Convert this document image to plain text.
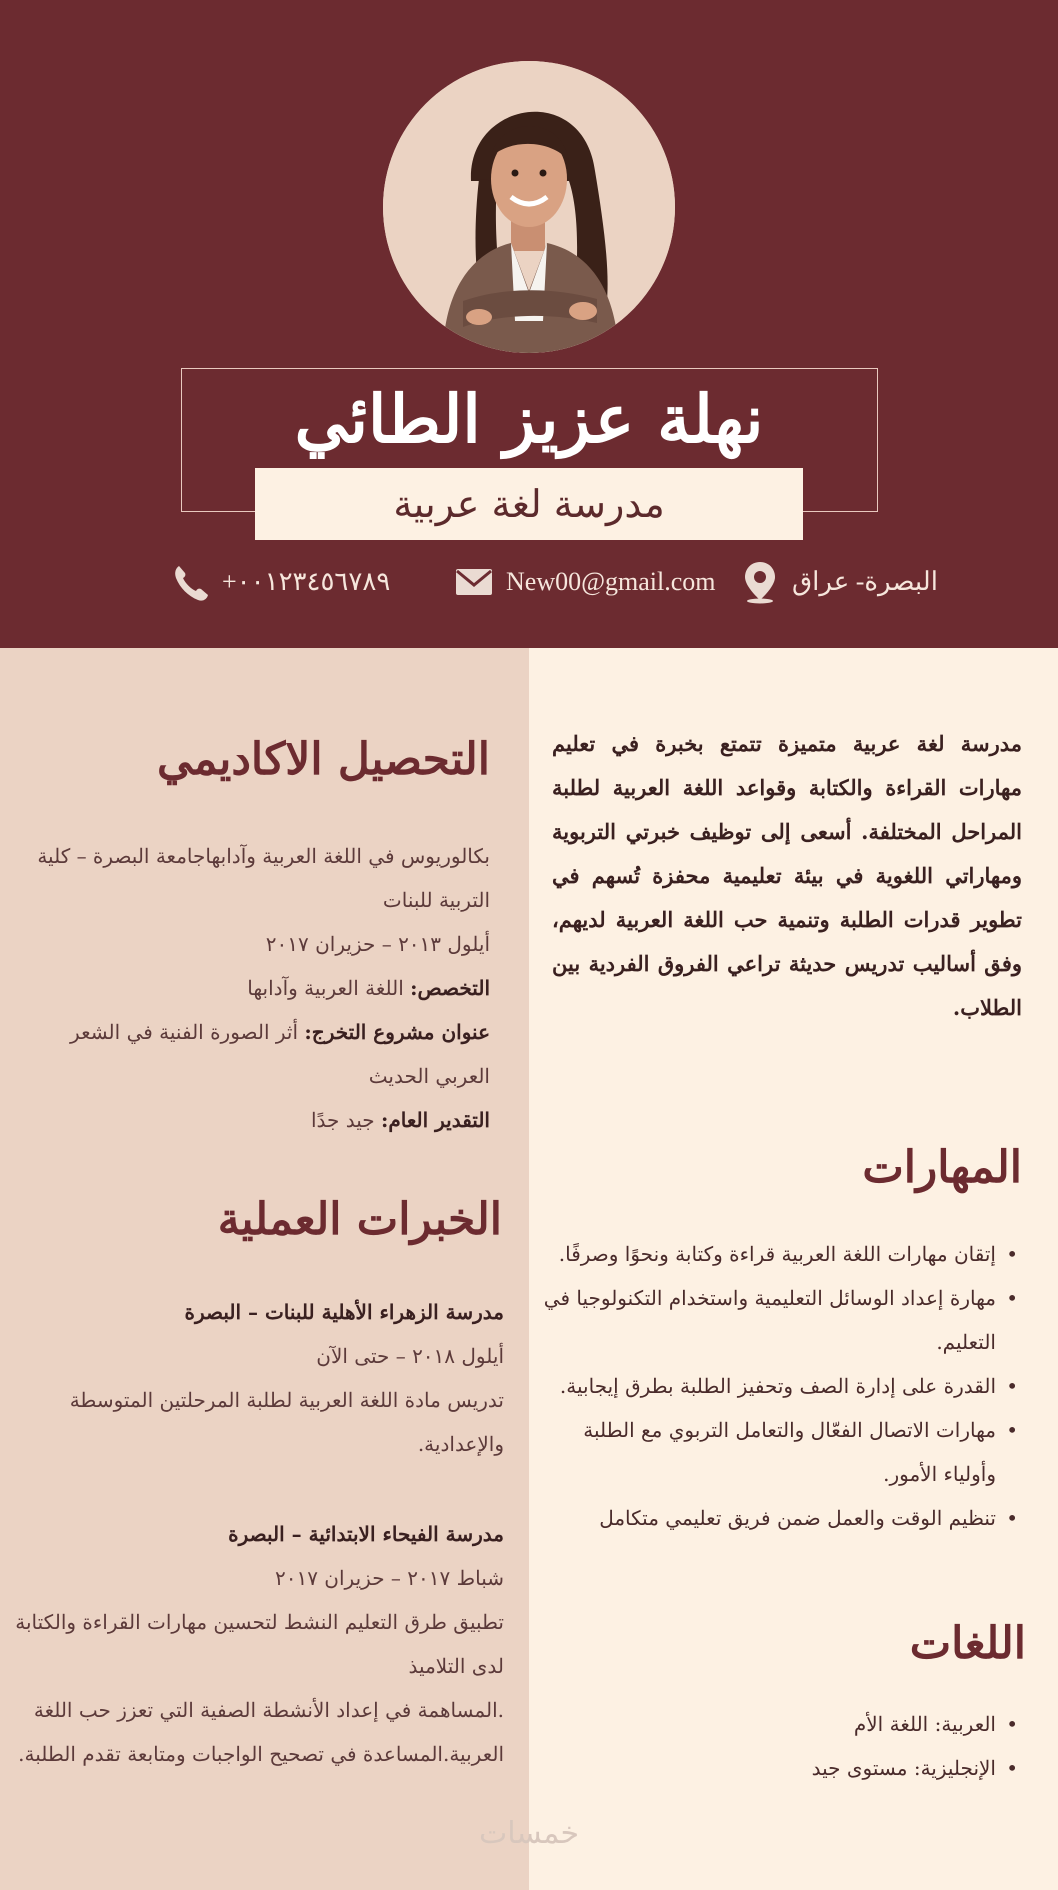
نهلة عزيز الطائي
مدرسة لغة عربية
البصرة- عراق
New00@gmail.com
+٠٠١٢٣٤٥٦٧٨٩
مدرسة لغة عربية متميزة تتمتع بخبرة في تعليم مهارات القراءة والكتابة وقواعد اللغة العربية لطلبة المراحل المختلفة. أسعى إلى توظيف خبرتي التربوية ومهاراتي اللغوية في بيئة تعليمية محفزة تُسهم في تطوير قدرات الطلبة وتنمية حب اللغة العربية لديهم، وفق أساليب تدريس حديثة تراعي الفروق الفردية بين الطلاب.
المهارات
• إتقان مهارات اللغة العربية قراءة وكتابة ونحوًا وصرفًا.
• مهارة إعداد الوسائل التعليمية واستخدام التكنولوجيا في التعليم.
• القدرة على إدارة الصف وتحفيز الطلبة بطرق إيجابية.
• مهارات الاتصال الفعّال والتعامل التربوي مع الطلبة وأولياء الأمور.
• تنظيم الوقت والعمل ضمن فريق تعليمي متكامل
اللغات
• العربية: اللغة الأم
• الإنجليزية: مستوى جيد
التحصيل الاكاديمي
بكالوريوس في اللغة العربية وآدابهاجامعة البصرة – كلية التربية للبنات
أيلول ٢٠١٣ – حزيران ٢٠١٧
التخصص: اللغة العربية وآدابها
عنوان مشروع التخرج: أثر الصورة الفنية في الشعر العربي الحديث
التقدير العام: جيد جدًا
الخبرات العملية
مدرسة الزهراء الأهلية للبنات – البصرة
أيلول ٢٠١٨ – حتى الآن
تدريس مادة اللغة العربية لطلبة المرحلتين المتوسطة والإعدادية.
مدرسة الفيحاء الابتدائية – البصرة
شباط ٢٠١٧ – حزيران ٢٠١٧
تطبيق طرق التعليم النشط لتحسين مهارات القراءة والكتابة لدى التلاميذ
.المساهمة في إعداد الأنشطة الصفية التي تعزز حب اللغة العربية.المساعدة في تصحيح الواجبات ومتابعة تقدم الطلبة.
خمسات
